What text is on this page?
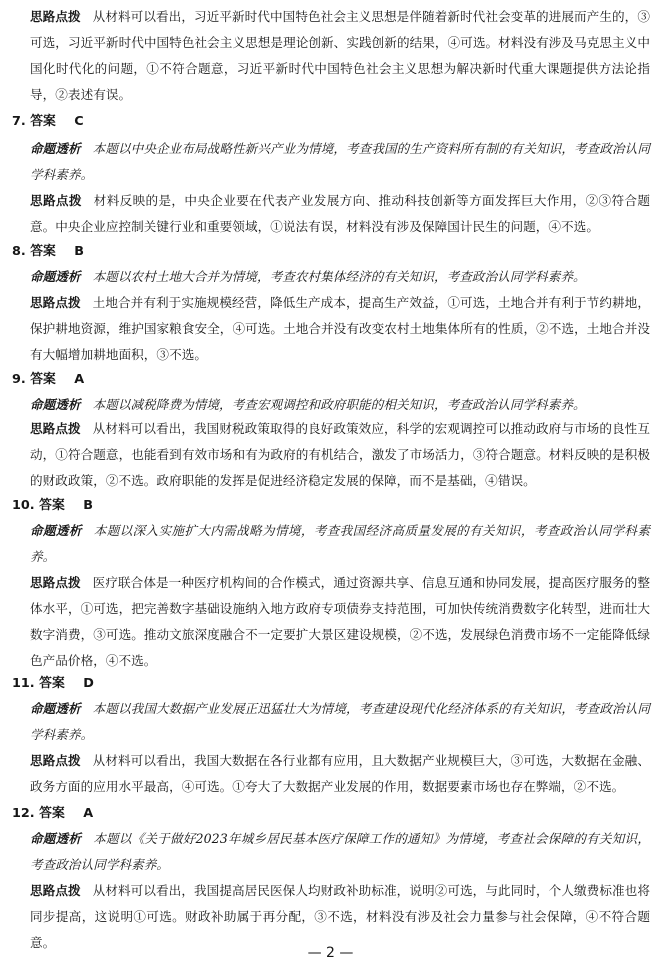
思路点拨 从材料可以看出，习近平新时代中国特色社会主义思想是伴随着新时代社会变革的进展而产生的，③可选，习近平新时代中国特色社会主义思想是理论创新、实践创新的结果，④可选。材料没有涉及马克思主义中国化时代化的问题，①不符合题意，习近平新时代中国特色社会主义思想为解决新时代重大课题提供方法论指导，②表述有误。

7. 答案 C

命题透析 本题以中央企业布局战略性新兴产业为情境，考查我国的生产资料所有制的有关知识，考查政治认同学科素养。

思路点拨 材料反映的是，中央企业要在代表产业发展方向、推动科技创新等方面发挥巨大作用，②③符合题意。中央企业应控制关键行业和重要领域，①说法有误，材料没有涉及保障国计民生的问题，④不选。

8. 答案 B

命题透析 本题以农村土地大合并为情境，考查农村集体经济的有关知识，考查政治认同学科素养。

思路点拨 土地合并有利于实施规模经营，降低生产成本，提高生产效益，①可选，土地合并有利于节约耕地，保护耕地资源，维护国家粮食安全，④可选。土地合并没有改变农村土地集体所有的性质，②不选，土地合并没有大幅增加耕地面积，③不选。

9. 答案 A

命题透析 本题以减税降费为情境，考查宏观调控和政府职能的相关知识，考查政治认同学科素养。

思路点拨 从材料可以看出，我国财税政策取得的良好政策效应，科学的宏观调控可以推动政府与市场的良性互动，①符合题意，也能看到有效市场和有为政府的有机结合，激发了市场活力，③符合题意。材料反映的是积极的财政政策，②不选。政府职能的发挥是促进经济稳定发展的保障，而不是基础，④错误。

10. 答案 B

命题透析 本题以深入实施扩大内需战略为情境，考查我国经济高质量发展的有关知识，考查政治认同学科素养。

思路点拨 医疗联合体是一种医疗机构间的合作模式，通过资源共享、信息互通和协同发展，提高医疗服务的整体水平，①可选，把完善数字基础设施纳入地方政府专项债券支持范围，可加快传统消费数字化转型，进而壮大数字消费，③可选。推动文旅深度融合不一定要扩大景区建设规模，②不选，发展绿色消费市场不一定能降低绿色产品价格，④不选。

11. 答案 D

命题透析 本题以我国大数据产业发展正迅猛壮大为情境，考查建设现代化经济体系的有关知识，考查政治认同学科素养。

思路点拨 从材料可以看出，我国大数据在各行业都有应用，且大数据产业规模巨大，③可选，大数据在金融、政务方面的应用水平最高，④可选。①夸大了大数据产业发展的作用，数据要素市场也存在弊端，②不选。

12. 答案 A

命题透析 本题以《关于做好2023年城乡居民基本医疗保障工作的通知》为情境，考查社会保障的有关知识，考查政治认同学科素养。

思路点拨 从材料可以看出，我国提高居民医保人均财政补助标准，说明②可选，与此同时，个人缴费标准也将同步提高，这说明①可选。财政补助属于再分配，③不选，材料没有涉及社会力量参与社会保障，④不符合题意。

— 2 —
